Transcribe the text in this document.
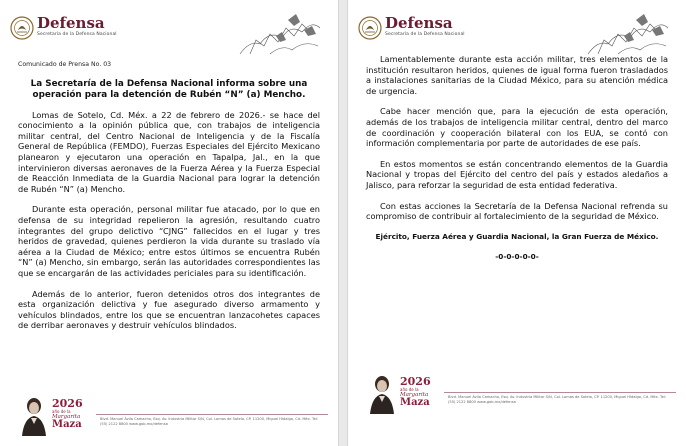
Defensa
Secretaría de la Defensa Nacional
Comunicado de Prensa No. 03
La Secretaría de la Defensa Nacional informa sobre una operación para la detención de Rubén “N” (a) Mencho.

Lomas de Sotelo, Cd. Méx. a 22 de febrero de 2026.- se hace del conocimiento a la opinión pública que, con trabajos de inteligencia militar central, del Centro Nacional de Inteligencia y de la Fiscalía General de República (FEMDO), Fuerzas Especiales del Ejército Mexicano planearon y ejecutaron una operación en Tapalpa, Jal., en la que intervinieron diversas aeronaves de la Fuerza Aérea y la Fuerza Especial de Reacción Inmediata de la Guardia Nacional para lograr la detención de Rubén “N” (a) Mencho.

Durante esta operación, personal militar fue atacado, por lo que en defensa de su integridad repelieron la agresión, resultando cuatro integrantes del grupo delictivo “CJNG” fallecidos en el lugar y tres heridos de gravedad, quienes perdieron la vida durante su traslado vía aérea a la Ciudad de México; entre estos últimos se encuentra Rubén “N” (a) Mencho, sin embargo, serán las autoridades correspondientes las que se encargarán de las actividades periciales para su identificación.

Además de lo anterior, fueron detenidos otros dos integrantes de esta organización delictiva y fue asegurado diverso armamento y vehículos blindados, entre los que se encuentran lanzacohetes capaces de derribar aeronaves y destruir vehículos blindados.

2026
año de la
Margarita
Maza	Blvd. Manuel Ávila Camacho, Esq. Av. Industria Militar S/N, Col. Lomas de Sotelo, CP. 11200, Miguel Hidalgo, Cd. Méx. Tel: (55) 2122 8800 www.gob.mx/defensa
Defensa
Secretaría de la Defensa Nacional

Lamentablemente durante esta acción militar, tres elementos de la institución resultaron heridos, quienes de igual forma fueron trasladados a instalaciones sanitarias de la Ciudad México, para su atención médica de urgencia.

Cabe hacer mención que, para la ejecución de esta operación, además de los trabajos de inteligencia militar central, dentro del marco de coordinación y cooperación bilateral con los EUA, se contó con información complementaria por parte de autoridades de ese país.

En estos momentos se están concentrando elementos de la Guardia Nacional y tropas del Ejército del centro del país y estados aledaños a Jalisco, para reforzar la seguridad de esta entidad federativa.

Con estas acciones la Secretaría de la Defensa Nacional refrenda su compromiso de contribuir al fortalecimiento de la seguridad de México.

Ejército, Fuerza Aérea y Guardia Nacional, la Gran Fuerza de México.
-0-0-0-0-0-
2026
año de la
Margarita
Maza	Blvd. Manuel Ávila Camacho, Esq. Av. Industria Militar S/N, Col. Lomas de Sotelo, CP. 11200, Miguel Hidalgo, Cd. Méx. Tel: (55) 2122 8800 www.gob.mx/defensa
